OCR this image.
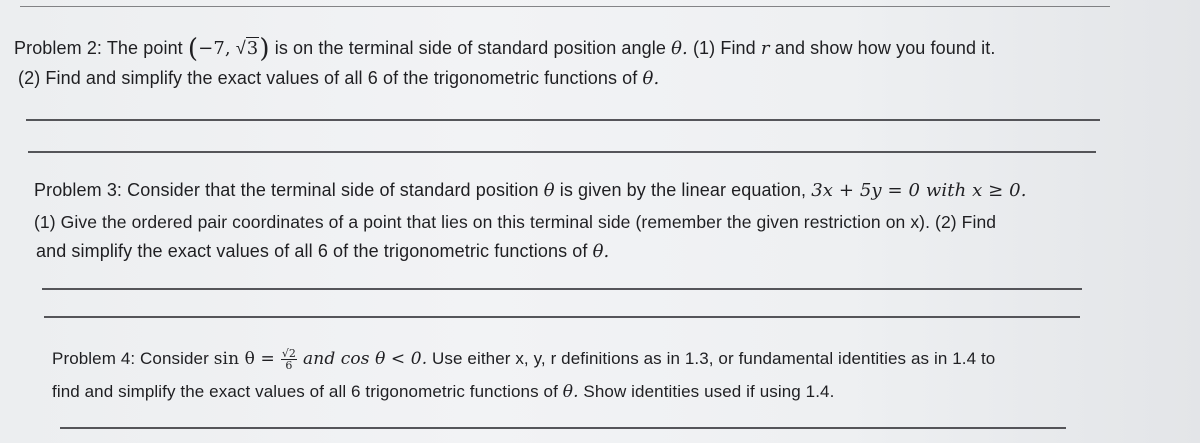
Problem 2: The point (−7, √3) is on the terminal side of standard position angle θ. (1) Find r and show how you found it.
(2) Find and simplify the exact values of all 6 of the trigonometric functions of θ.
Problem 3: Consider that the terminal side of standard position θ is given by the linear equation, 3x + 5y = 0 with x ≥ 0.
(1) Give the ordered pair coordinates of a point that lies on this terminal side (remember the given restriction on x). (2) Find
and simplify the exact values of all 6 of the trigonometric functions of θ.
Problem 4: Consider $\sin \theta = \frac{√2}{6}$ and cos θ < 0. Use either x, y, r definitions as in 1.3, or fundamental identities as in 1.4 to
find and simplify the exact values of all 6 trigonometric functions of θ. Show identities used if using 1.4.
